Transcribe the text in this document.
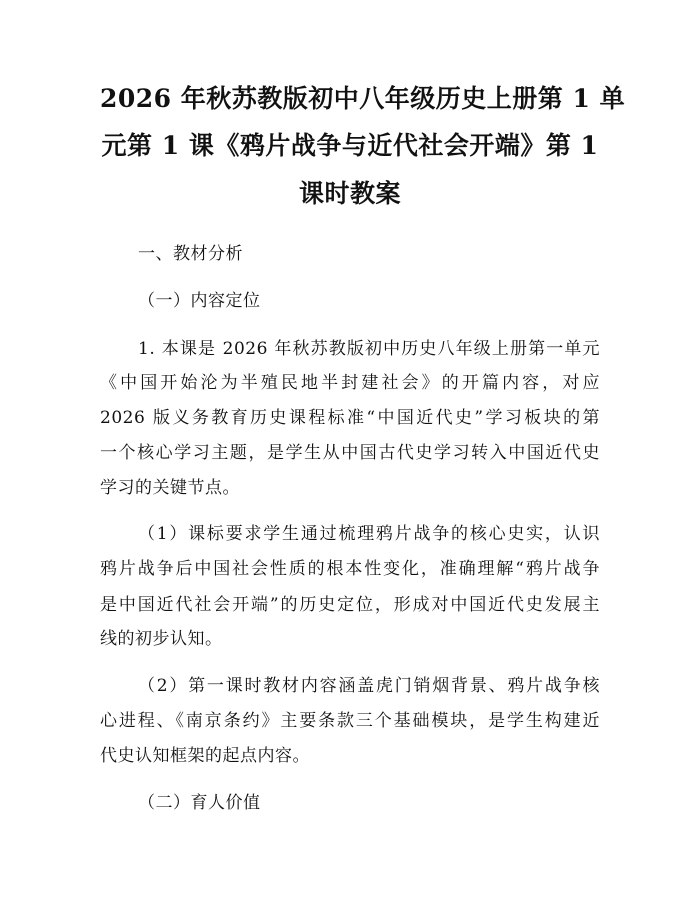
2026 年秋苏教版初中八年级历史上册第 1 单
元第 1 课《鸦片战争与近代社会开端》第 1
课时教案
一、教材分析
（一）内容定位
1. 本课是 2026 年秋苏教版初中历史八年级上册第一单元
《中国开始沦为半殖民地半封建社会》的开篇内容，对应
2026 版义务教育历史课程标准“中国近代史”学习板块的第
一个核心学习主题，是学生从中国古代史学习转入中国近代史
学习的关键节点。
（1）课标要求学生通过梳理鸦片战争的核心史实，认识
鸦片战争后中国社会性质的根本性变化，准确理解“鸦片战争
是中国近代社会开端”的历史定位，形成对中国近代史发展主
线的初步认知。
（2）第一课时教材内容涵盖虎门销烟背景、鸦片战争核
心进程、《南京条约》主要条款三个基础模块，是学生构建近
代史认知框架的起点内容。
（二）育人价值
